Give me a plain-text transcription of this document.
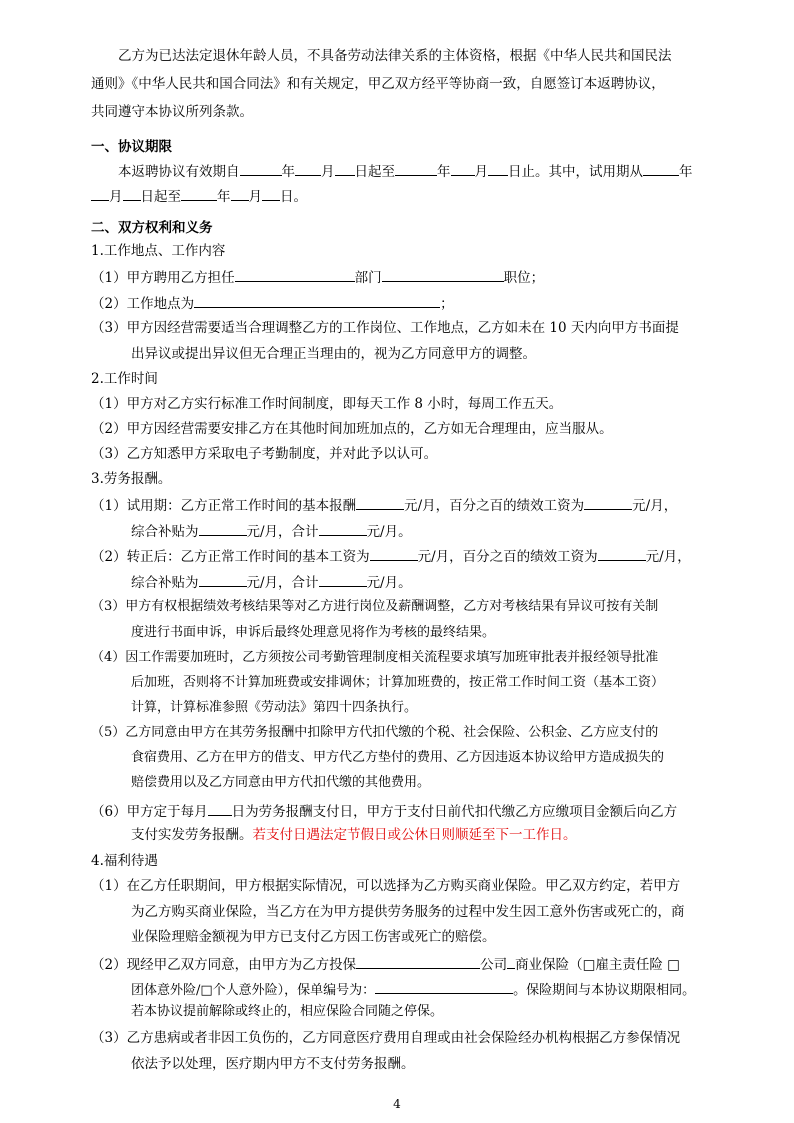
乙方为已达法定退休年龄人员，不具备劳动法律关系的主体资格，根据《中华人民共和国民法
通则》《中华人民共和国合同法》和有关规定，甲乙双方经平等协商一致，自愿签订本返聘协议，
共同遵守本协议所列条款。
一、协议期限
本返聘协议有效期自	年 月 日起至	年 月 日止。其中，试用期从	年
月 日起至	年 月 日。
二、双方权利和义务
1.工作地点、工作内容
（1）甲方聘用乙方担任	部门	职位；
（2）工作地点为	；
（3）甲方因经营需要适当合理调整乙方的工作岗位、工作地点，乙方如未在 10 天内向甲方书面提
出异议或提出异议但无合理正当理由的，视为乙方同意甲方的调整。
2.工作时间
（1）甲方对乙方实行标准工作时间制度，即每天工作 8 小时，每周工作五天。
（2）甲方因经营需要安排乙方在其他时间加班加点的，乙方如无合理理由，应当服从。
（3）乙方知悉甲方采取电子考勤制度，并对此予以认可。
3.劳务报酬。
（1）试用期：乙方正常工作时间的基本报酬	元/月，百分之百的绩效工资为	元/月，
综合补贴为	元/月，合计	元/月。
（2）转正后：乙方正常工作时间的基本工资为	元/月，百分之百的绩效工资为	元/月，
综合补贴为	元/月，合计	元/月。
（3）甲方有权根据绩效考核结果等对乙方进行岗位及薪酬调整，乙方对考核结果有异议可按有关制
度进行书面申诉，申诉后最终处理意见将作为考核的最终结果。
（4）因工作需要加班时，乙方须按公司考勤管理制度相关流程要求填写加班审批表并报经领导批准
后加班，否则将不计算加班费或安排调休；计算加班费的，按正常工作时间工资（基本工资）
计算，计算标准参照《劳动法》第四十四条执行。
（5）乙方同意由甲方在其劳务报酬中扣除甲方代扣代缴的个税、社会保险、公积金、乙方应支付的
食宿费用、乙方在甲方的借支、甲方代乙方垫付的费用、乙方因违返本协议给甲方造成损失的
赔偿费用以及乙方同意由甲方代扣代缴的其他费用。
（6）甲方定于每月 日为劳务报酬支付日，甲方于支付日前代扣代缴乙方应缴项目金额后向乙方
支付实发劳务报酬。若支付日遇法定节假日或公休日则顺延至下一工作日。
4.福利待遇
（1）在乙方任职期间，甲方根据实际情况，可以选择为乙方购买商业保险。甲乙双方约定，若甲方
为乙方购买商业保险，当乙方在为甲方提供劳务服务的过程中发生因工意外伤害或死亡的，商
业保险理赔金额视为甲方已支付乙方因工伤害或死亡的赔偿。
（2）现经甲乙双方同意，由甲方为乙方投保	公司 商业保险（□雇主责任险 □
团体意外险/□个人意外险），保单编号为：	。保险期间与本协议期限相同。
若本协议提前解除或终止的，相应保险合同随之停保。
（3）乙方患病或者非因工负伤的，乙方同意医疗费用自理或由社会保险经办机构根据乙方参保情况
依法予以处理，医疗期内甲方不支付劳务报酬。
4
